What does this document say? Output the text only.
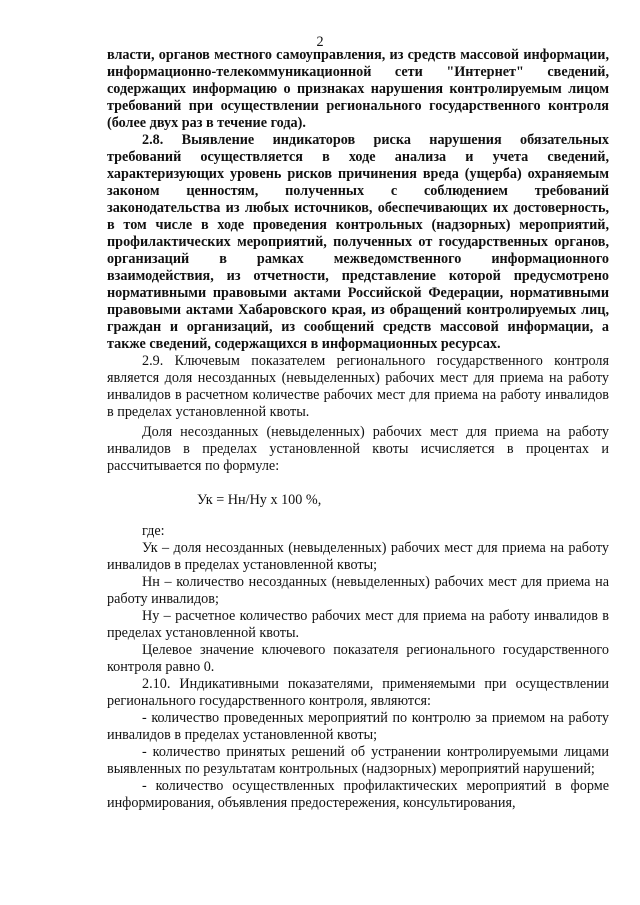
2

власти, органов местного самоуправления, из средств массовой информации, информационно-телекоммуникационной сети "Интернет" сведений, содержащих информацию о признаках нарушения контролируемым лицом требований при осуществлении регионального государственного контроля (более двух раз в течение года).

2.8. Выявление индикаторов риска нарушения обязательных требований осуществляется в ходе анализа и учета сведений, характеризующих уровень рисков причинения вреда (ущерба) охраняемым законом ценностям, полученных с соблюдением требований законодательства из любых источников, обеспечивающих их достоверность, в том числе в ходе проведения контрольных (надзорных) мероприятий, профилактических мероприятий, полученных от государственных органов, организаций в рамках межведомственного информационного взаимодействия, из отчетности, представление которой предусмотрено нормативными правовыми актами Российской Федерации, нормативными правовыми актами Хабаровского края, из обращений контролируемых лиц, граждан и организаций, из сообщений средств массовой информации, а также сведений, содержащихся в информационных ресурсах.

2.9. Ключевым показателем регионального государственного контроля является доля несозданных (невыделенных) рабочих мест для приема на работу инвалидов в расчетном количестве рабочих мест для приема на работу инвалидов в пределах установленной квоты.

Доля несозданных (невыделенных) рабочих мест для приема на работу инвалидов в пределах установленной квоты исчисляется в процентах и рассчитывается по формуле:

Ук = Нн/Ну x 100 %,

где:

Ук – доля несозданных (невыделенных) рабочих мест для приема на работу инвалидов в пределах установленной квоты;

Нн – количество несозданных (невыделенных) рабочих мест для приема на работу инвалидов;

Ну – расчетное количество рабочих мест для приема на работу инвалидов в пределах установленной квоты.

Целевое значение ключевого показателя регионального государственного контроля равно 0.

2.10. Индикативными показателями, применяемыми при осуществлении регионального государственного контроля, являются:

- количество проведенных мероприятий по контролю за приемом на работу инвалидов в пределах установленной квоты;

- количество принятых решений об устранении контролируемыми лицами выявленных по результатам контрольных (надзорных) мероприятий нарушений;

- количество осуществленных профилактических мероприятий в форме информирования, объявления предостережения, консультирования,
